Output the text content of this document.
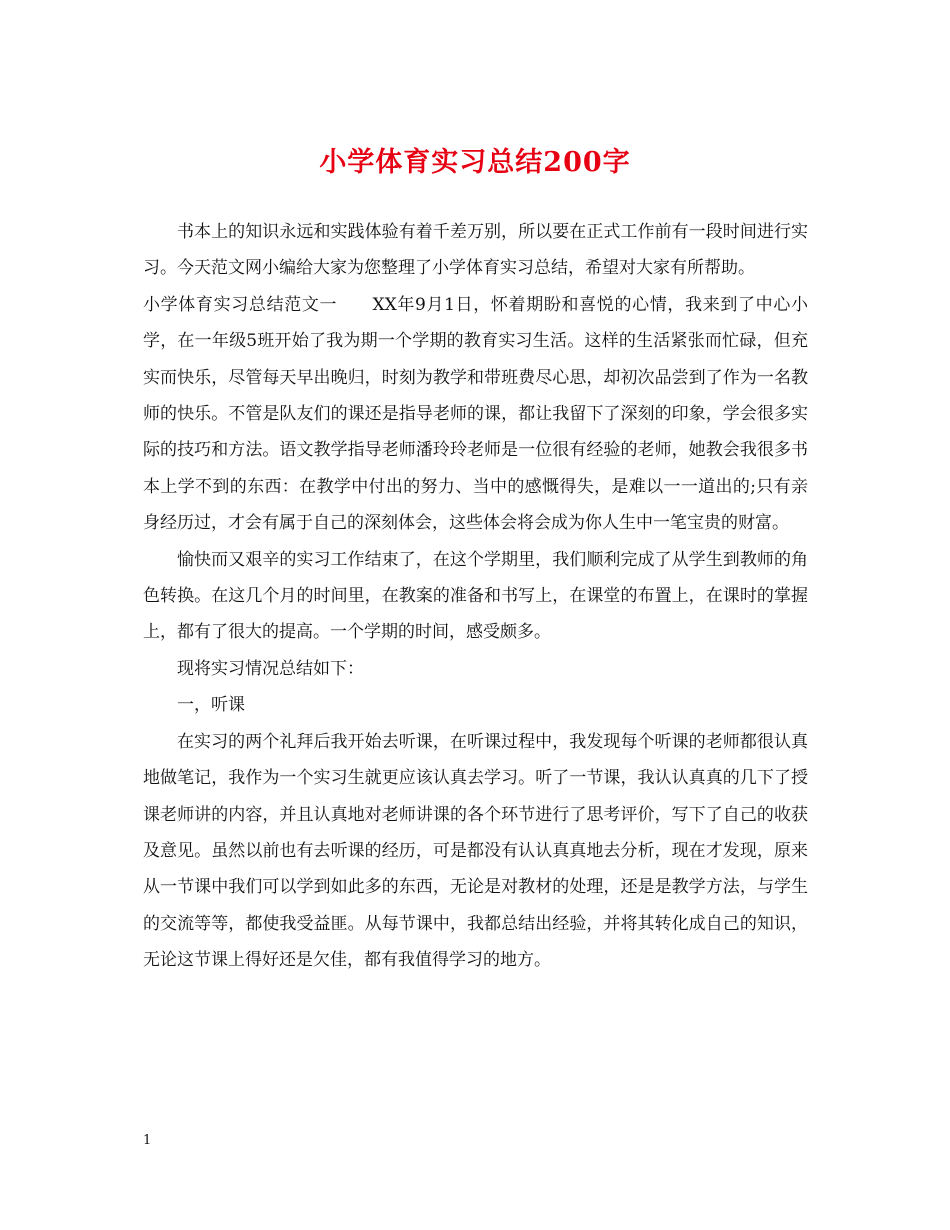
小学体育实习总结200字

书本上的知识永远和实践体验有着千差万别，所以要在正式工作前有一段时间进行实习。今天范文网小编给大家为您整理了小学体育实习总结，希望对大家有所帮助。

小学体育实习总结范文一　　XX年9月1日，怀着期盼和喜悦的心情，我来到了中心小学，在一年级5班开始了我为期一个学期的教育实习生活。这样的生活紧张而忙碌，但充实而快乐，尽管每天早出晚归，时刻为教学和带班费尽心思，却初次品尝到了作为一名教师的快乐。不管是队友们的课还是指导老师的课，都让我留下了深刻的印象，学会很多实际的技巧和方法。语文教学指导老师潘玲玲老师是一位很有经验的老师，她教会我很多书本上学不到的东西：在教学中付出的努力、当中的感慨得失，是难以一一道出的;只有亲身经历过，才会有属于自己的深刻体会，这些体会将会成为你人生中一笔宝贵的财富。

愉快而又艰辛的实习工作结束了，在这个学期里，我们顺利完成了从学生到教师的角色转换。在这几个月的时间里，在教案的准备和书写上，在课堂的布置上，在课时的掌握上，都有了很大的提高。一个学期的时间，感受颇多。

现将实习情况总结如下：

一，听课

在实习的两个礼拜后我开始去听课，在听课过程中，我发现每个听课的老师都很认真地做笔记，我作为一个实习生就更应该认真去学习。听了一节课，我认认真真的几下了授课老师讲的内容，并且认真地对老师讲课的各个环节进行了思考评价，写下了自己的收获及意见。虽然以前也有去听课的经历，可是都没有认认真真地去分析，现在才发现，原来从一节课中我们可以学到如此多的东西，无论是对教材的处理，还是是教学方法，与学生的交流等等，都使我受益匪。从每节课中，我都总结出经验，并将其转化成自己的知识，无论这节课上得好还是欠佳，都有我值得学习的地方。

1
